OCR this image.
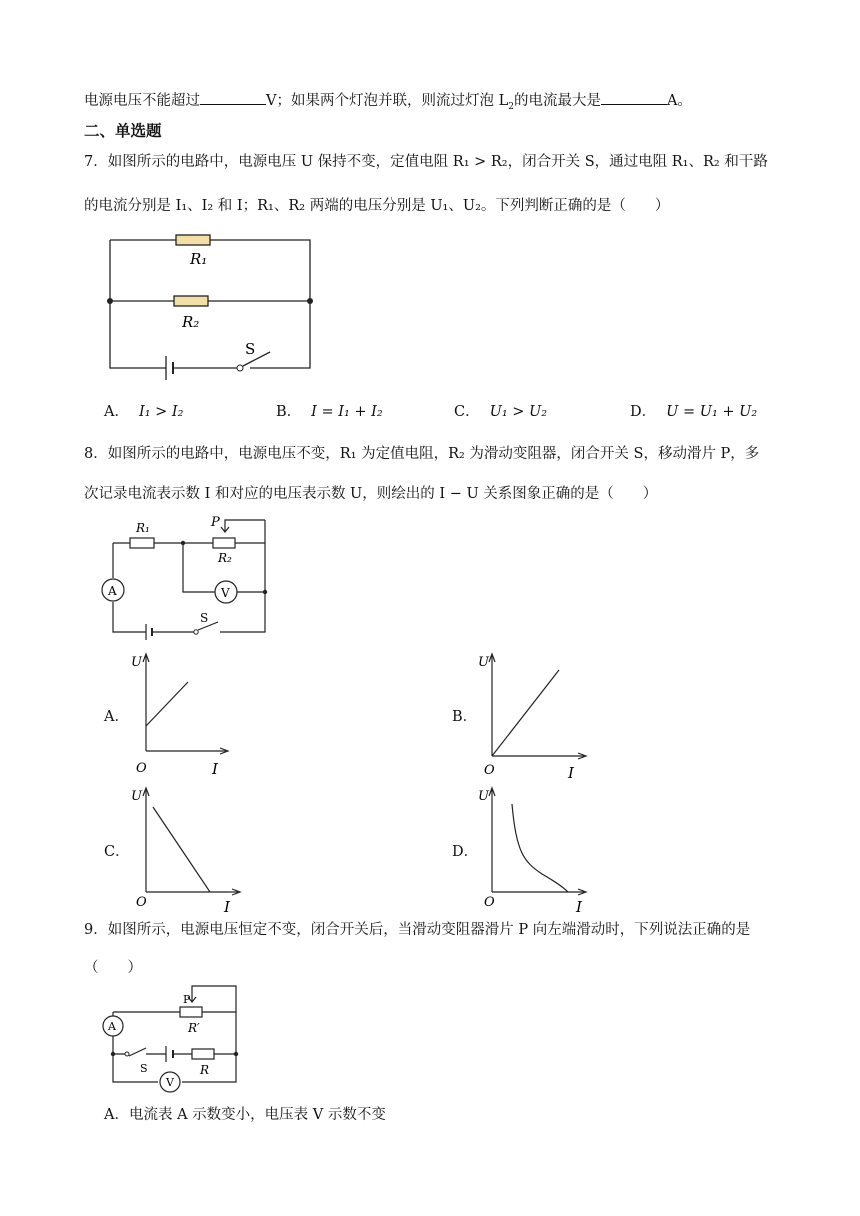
电源电压不能超过	V；如果两个灯泡并联，则流过灯泡 $L_2$的电流最大是	A。
二、单选题
7．如图所示的电路中，电源电压 U 保持不变，定值电阻 R₁ > R₂，闭合开关 S，通过电阻 R₁、R₂ 和干路
的电流分别是 I₁、I₂ 和 I；R₁、R₂ 两端的电压分别是 U₁、U₂。下列判断正确的是（　　）
R₁
R₂
S
A． I₁ > I₂	B． I = I₁ + I₂	C． U₁ > U₂	D． U = U₁ + U₂
8．如图所示的电路中，电源电压不变，R₁ 为定值电阻，R₂ 为滑动变阻器，闭合开关 S，移动滑片 P，多
次记录电流表示数 I 和对应的电压表示数 U，则绘出的 I − U 关系图象正确的是（　　）
R₁	P
R₂
A	V
S
A．
U
O	I
B．
U
O	I
C．
U
O	I
D．
U
O	I
9．如图所示，电源电压恒定不变，闭合开关后，当滑动变阻器滑片 P 向左端滑动时，下列说法正确的是
（　　）
P
R′
A
S	R
V
A．电流表 A 示数变小，电压表 V 示数不变
